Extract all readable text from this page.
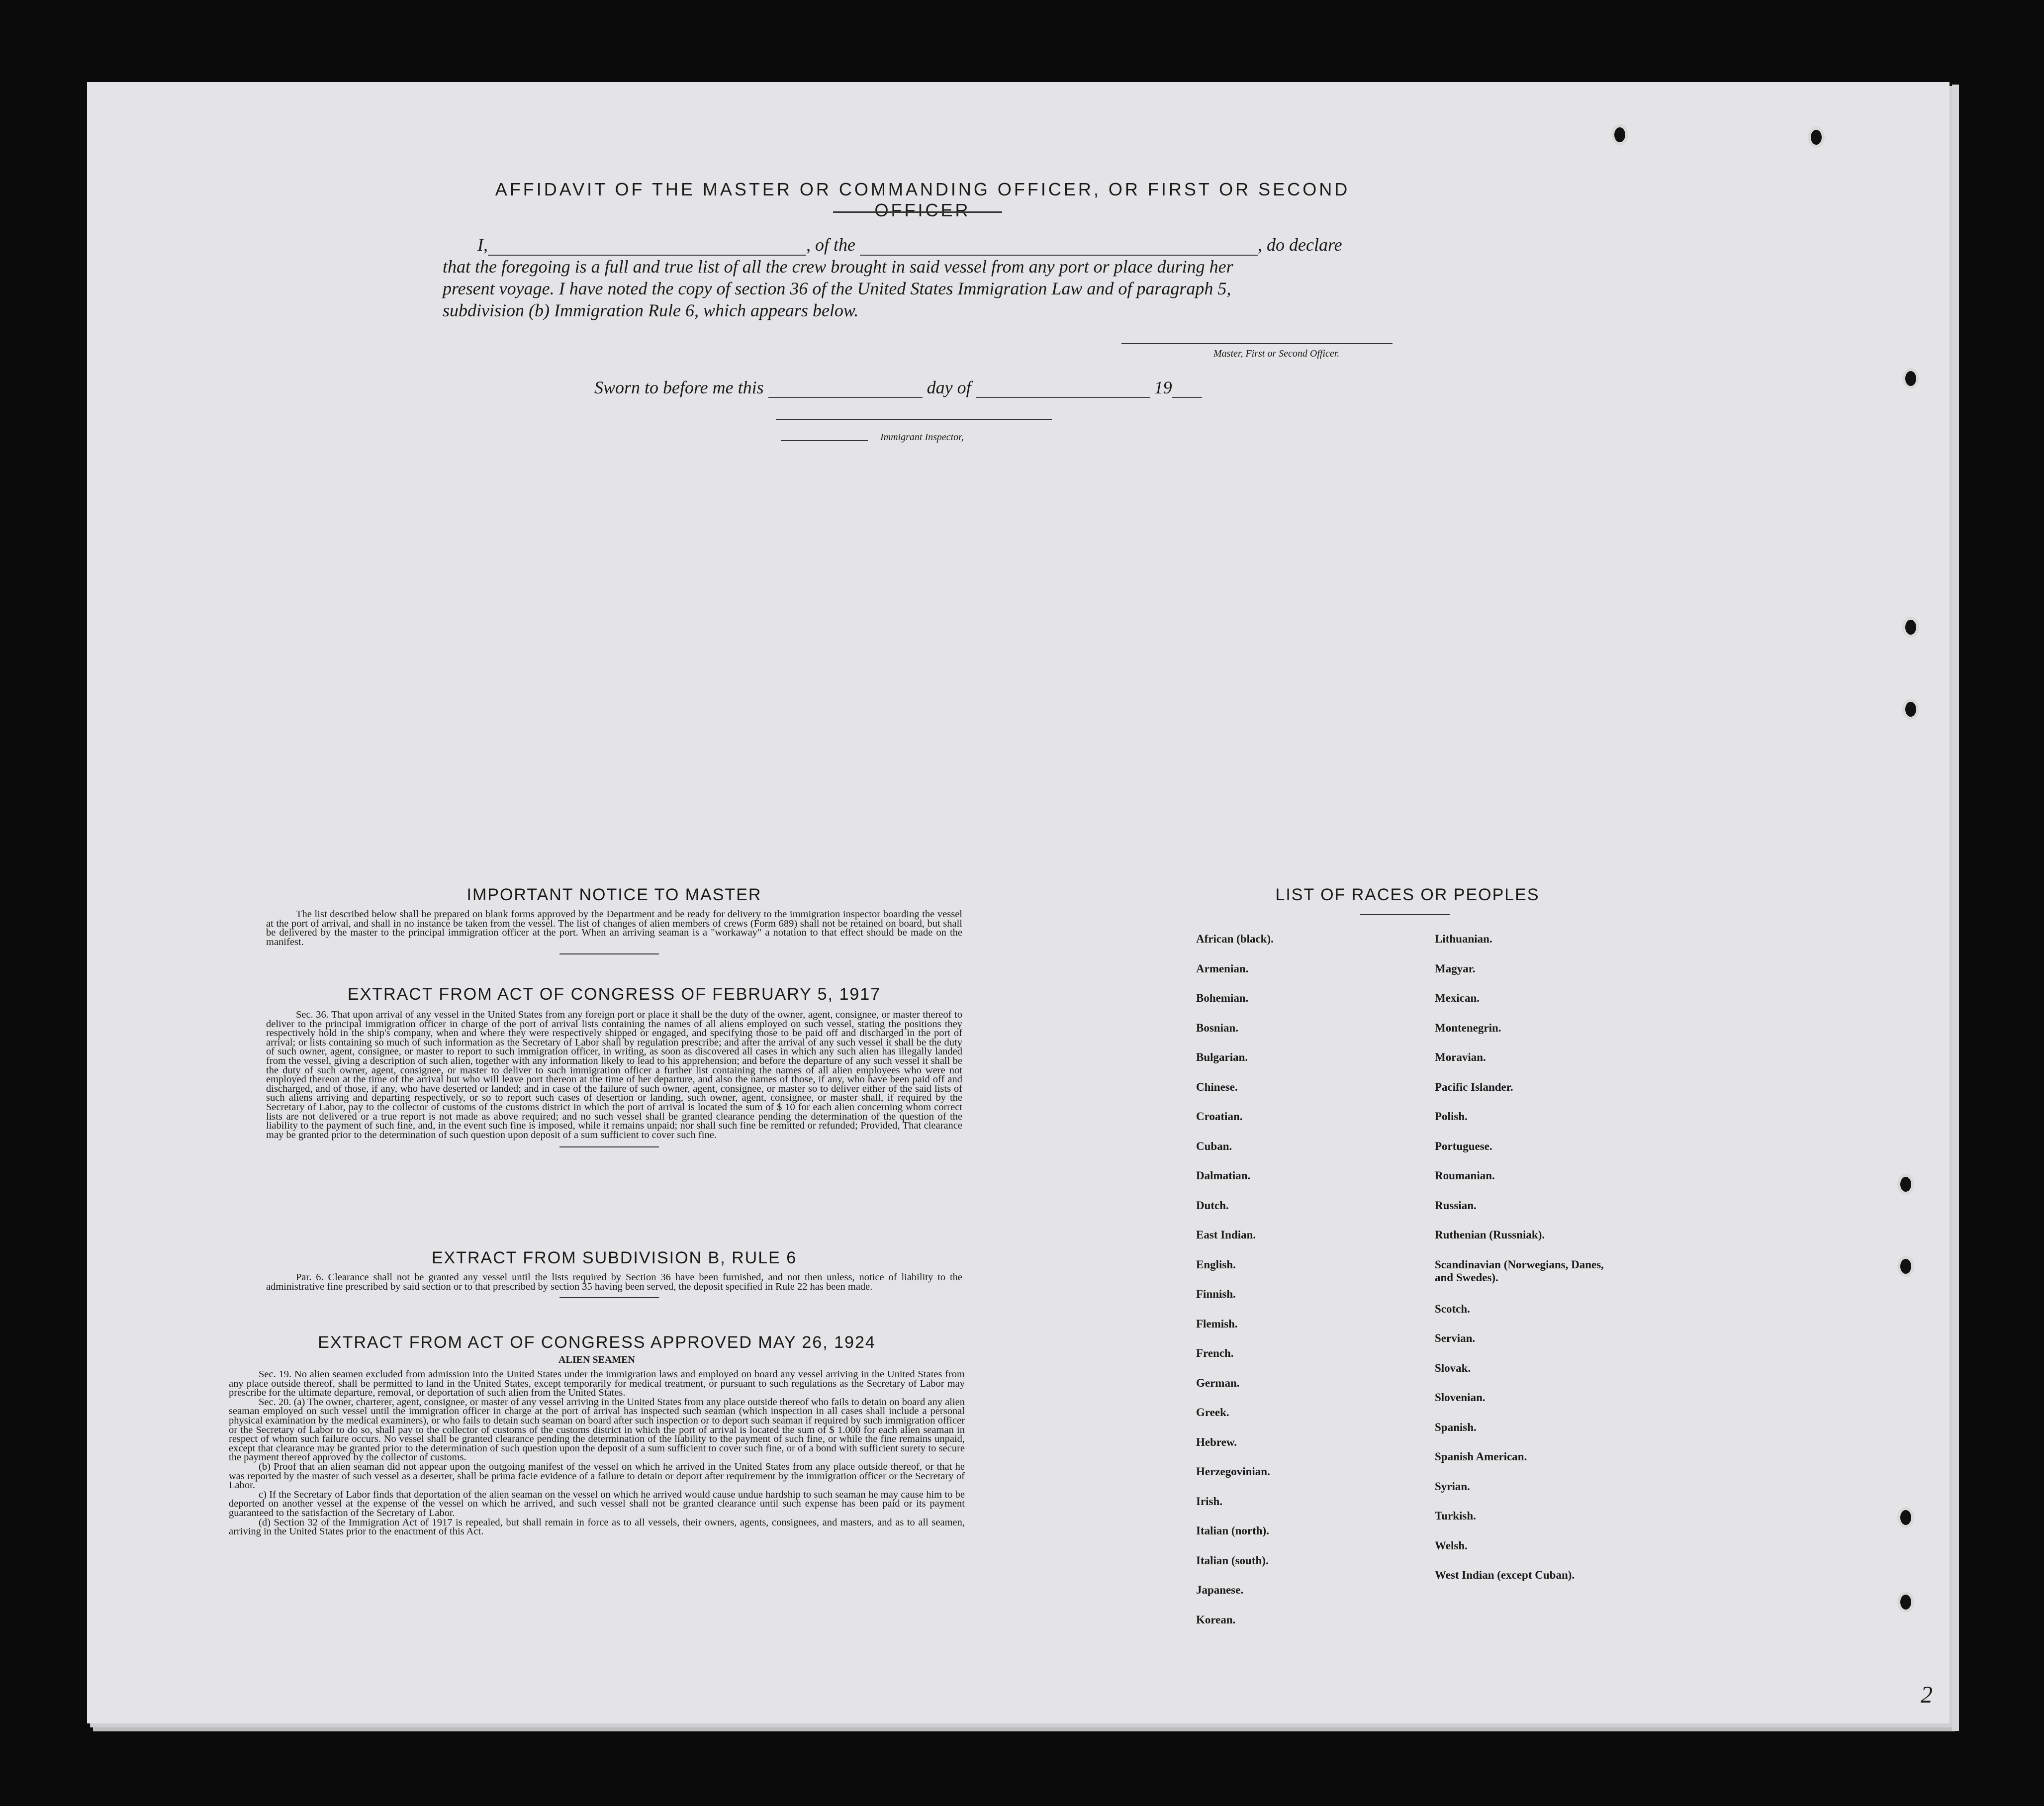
AFFIDAVIT OF THE MASTER OR COMMANDING OFFICER, OR FIRST OR SECOND OFFICER
I,	, of the	, do declare
that the foregoing is a full and true list of all the crew brought in said vessel from any port or place during her
present voyage. I have noted the copy of section 36 of the United States Immigration Law and of paragraph 5,
subdivision (b) Immigration Rule 6, which appears below.
Master, First or Second Officer.
Sworn to before me this	day of	19
Immigrant Inspector,
IMPORTANT NOTICE TO MASTER
The list described below shall be prepared on blank forms approved by the Department and be ready for delivery to the immigration inspector boarding the vessel at the port of arrival, and shall in no instance be taken from the vessel. The list of changes of alien members of crews (Form 689) shall not be retained on board, but shall be delivered by the master to the principal immigration officer at the port. When an arriving seaman is a "workaway" a notation to that effect should be made on the manifest.
EXTRACT FROM ACT OF CONGRESS OF FEBRUARY 5, 1917
Sec. 36. That upon arrival of any vessel in the United States from any foreign port or place it shall be the duty of the owner, agent, consignee, or master thereof to deliver to the principal immigration officer in charge of the port of arrival lists containing the names of all aliens employed on such vessel, stating the positions they respectively hold in the ship's company, when and where they were respectively shipped or engaged, and specifying those to be paid off and discharged in the port of arrival; or lists containing so much of such information as the Secretary of Labor shall by regulation prescribe; and after the arrival of any such vessel it shall be the duty of such owner, agent, consignee, or master to report to such immigration officer, in writing, as soon as discovered all cases in which any such alien has illegally landed from the vessel, giving a description of such alien, together with any information likely to lead to his apprehension; and before the departure of any such vessel it shall be the duty of such owner, agent, consignee, or master to deliver to such immigration officer a further list containing the names of all alien employees who were not employed thereon at the time of the arrival but who will leave port thereon at the time of her departure, and also the names of those, if any, who have been paid off and discharged, and of those, if any, who have deserted or landed; and in case of the failure of such owner, agent, consignee, or master so to deliver either of the said lists of such aliens arriving and departing respectively, or so to report such cases of desertion or landing, such owner, agent, consignee, or master shall, if required by the Secretary of Labor, pay to the collector of customs of the customs district in which the port of arrival is located the sum of $ 10 for each alien concerning whom correct lists are not delivered or a true report is not made as above required; and no such vessel shall be granted clearance pending the determination of the question of the liability to the payment of such fine, and, in the event such fine is imposed, while it remains unpaid; nor shall such fine be remitted or refunded; Provided, That clearance may be granted prior to the determination of such question upon deposit of a sum sufficient to cover such fine.
EXTRACT FROM SUBDIVISION B, RULE 6
Par. 6. Clearance shall not be granted any vessel until the lists required by Section 36 have been furnished, and not then unless, notice of liability to the administrative fine prescribed by said section or to that prescribed by section 35 having been served, the deposit specified in Rule 22 has been made.
EXTRACT FROM ACT OF CONGRESS APPROVED MAY 26, 1924
ALIEN SEAMEN
Sec. 19. No alien seamen excluded from admission into the United States under the immigration laws and employed on board any vessel arriving in the United States from any place outside thereof, shall be permitted to land in the United States, except temporarily for medical treatment, or pursuant to such regulations as the Secretary of Labor may prescribe for the ultimate departure, removal, or deportation of such alien from the United States.
Sec. 20. (a) The owner, charterer, agent, consignee, or master of any vessel arriving in the United States from any place outside thereof who fails to detain on board any alien seaman employed on such vessel until the immigration officer in charge at the port of arrival has inspected such seaman (which inspection in all cases shall include a personal physical examination by the medical examiners), or who fails to detain such seaman on board after such inspection or to deport such seaman if required by such immigration officer or the Secretary of Labor to do so, shall pay to the collector of customs of the customs district in which the port of arrival is located the sum of $ 1.000 for each alien seaman in respect of whom such failure occurs. No vessel shall be granted clearance pending the determination of the liability to the payment of such fine, or while the fine remains unpaid, except that clearance may be granted prior to the determination of such question upon the deposit of a sum sufficient to cover such fine, or of a bond with sufficient surety to secure the payment thereof approved by the collector of customs.
(b) Proof that an alien seaman did not appear upon the outgoing manifest of the vessel on which he arrived in the United States from any place outside thereof, or that he was reported by the master of such vessel as a deserter, shall be prima facie evidence of a failure to detain or deport after requirement by the immigration officer or the Secretary of Labor.
c) If the Secretary of Labor finds that deportation of the alien seaman on the vessel on which he arrived would cause undue hardship to such seaman he may cause him to be deported on another vessel at the expense of the vessel on which he arrived, and such vessel shall not be granted clearance until such expense has been paid or its payment guaranteed to the satisfaction of the Secretary of Labor.
(d) Section 32 of the Immigration Act of 1917 is repealed, but shall remain in force as to all vessels, their owners, agents, consignees, and masters, and as to all seamen, arriving in the United States prior to the enactment of this Act.
LIST OF RACES OR PEOPLES
African (black).
Armenian.
Bohemian.
Bosnian.
Bulgarian.
Chinese.
Croatian.
Cuban.
Dalmatian.
Dutch.
East Indian.
English.
Finnish.
Flemish.
French.
German.
Greek.
Hebrew.
Herzegovinian.
Irish.
Italian (north).
Italian (south).
Japanese.
Korean.
Lithuanian.
Magyar.
Mexican.
Montenegrin.
Moravian.
Pacific Islander.
Polish.
Portuguese.
Roumanian.
Russian.
Ruthenian (Russniak).
Scandinavian (Norwegians, Danes, and Swedes).
Scotch.
Servian.
Slovak.
Slovenian.
Spanish.
Spanish American.
Syrian.
Turkish.
Welsh.
West Indian (except Cuban).
2
